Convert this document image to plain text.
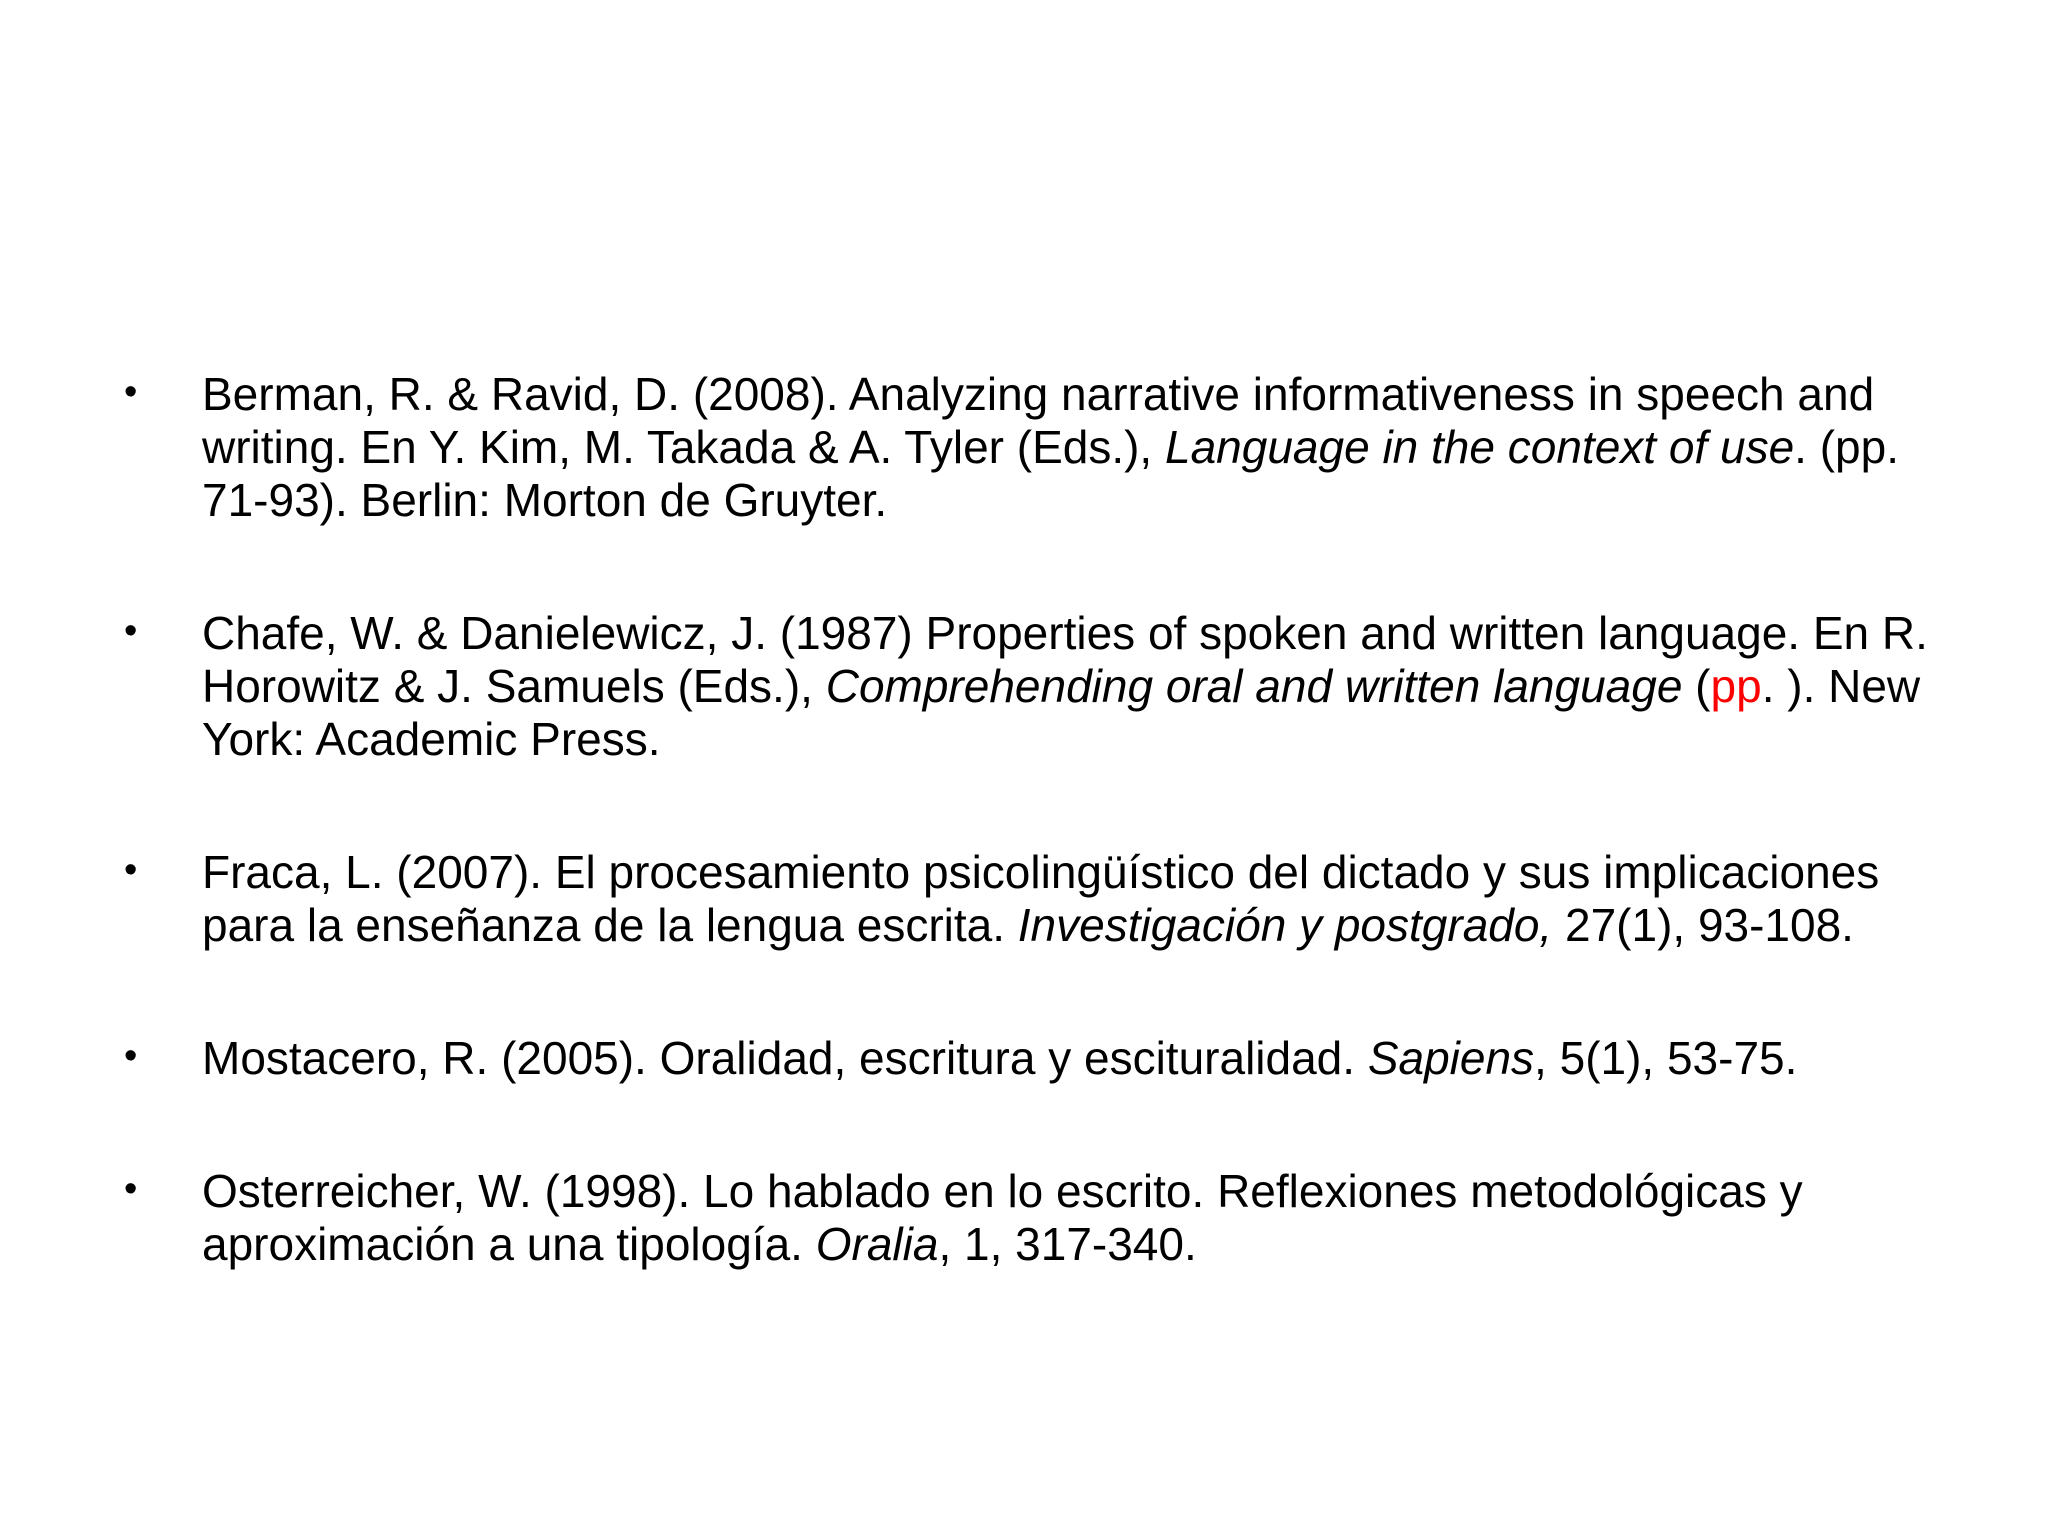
• Berman, R. & Ravid, D. (2008). Analyzing narrative informativeness in speech and writing. En Y. Kim, M. Takada & A. Tyler (Eds.), Language in the context of use. (pp. 71-93). Berlin: Morton de Gruyter.
• Chafe, W. & Danielewicz, J. (1987) Properties of spoken and written language. En R. Horowitz & J. Samuels (Eds.), Comprehending oral and written language (pp. ). New York: Academic Press.
• Fraca, L. (2007). El procesamiento psicolingüístico del dictado y sus implicaciones para la enseñanza de la lengua escrita. Investigación y postgrado, 27(1), 93-108.
• Mostacero, R. (2005). Oralidad, escritura y escituralidad. Sapiens, 5(1), 53-75.
• Osterreicher, W. (1998). Lo hablado en lo escrito. Reflexiones metodológicas y aproximación a una tipología. Oralia, 1, 317-340.
